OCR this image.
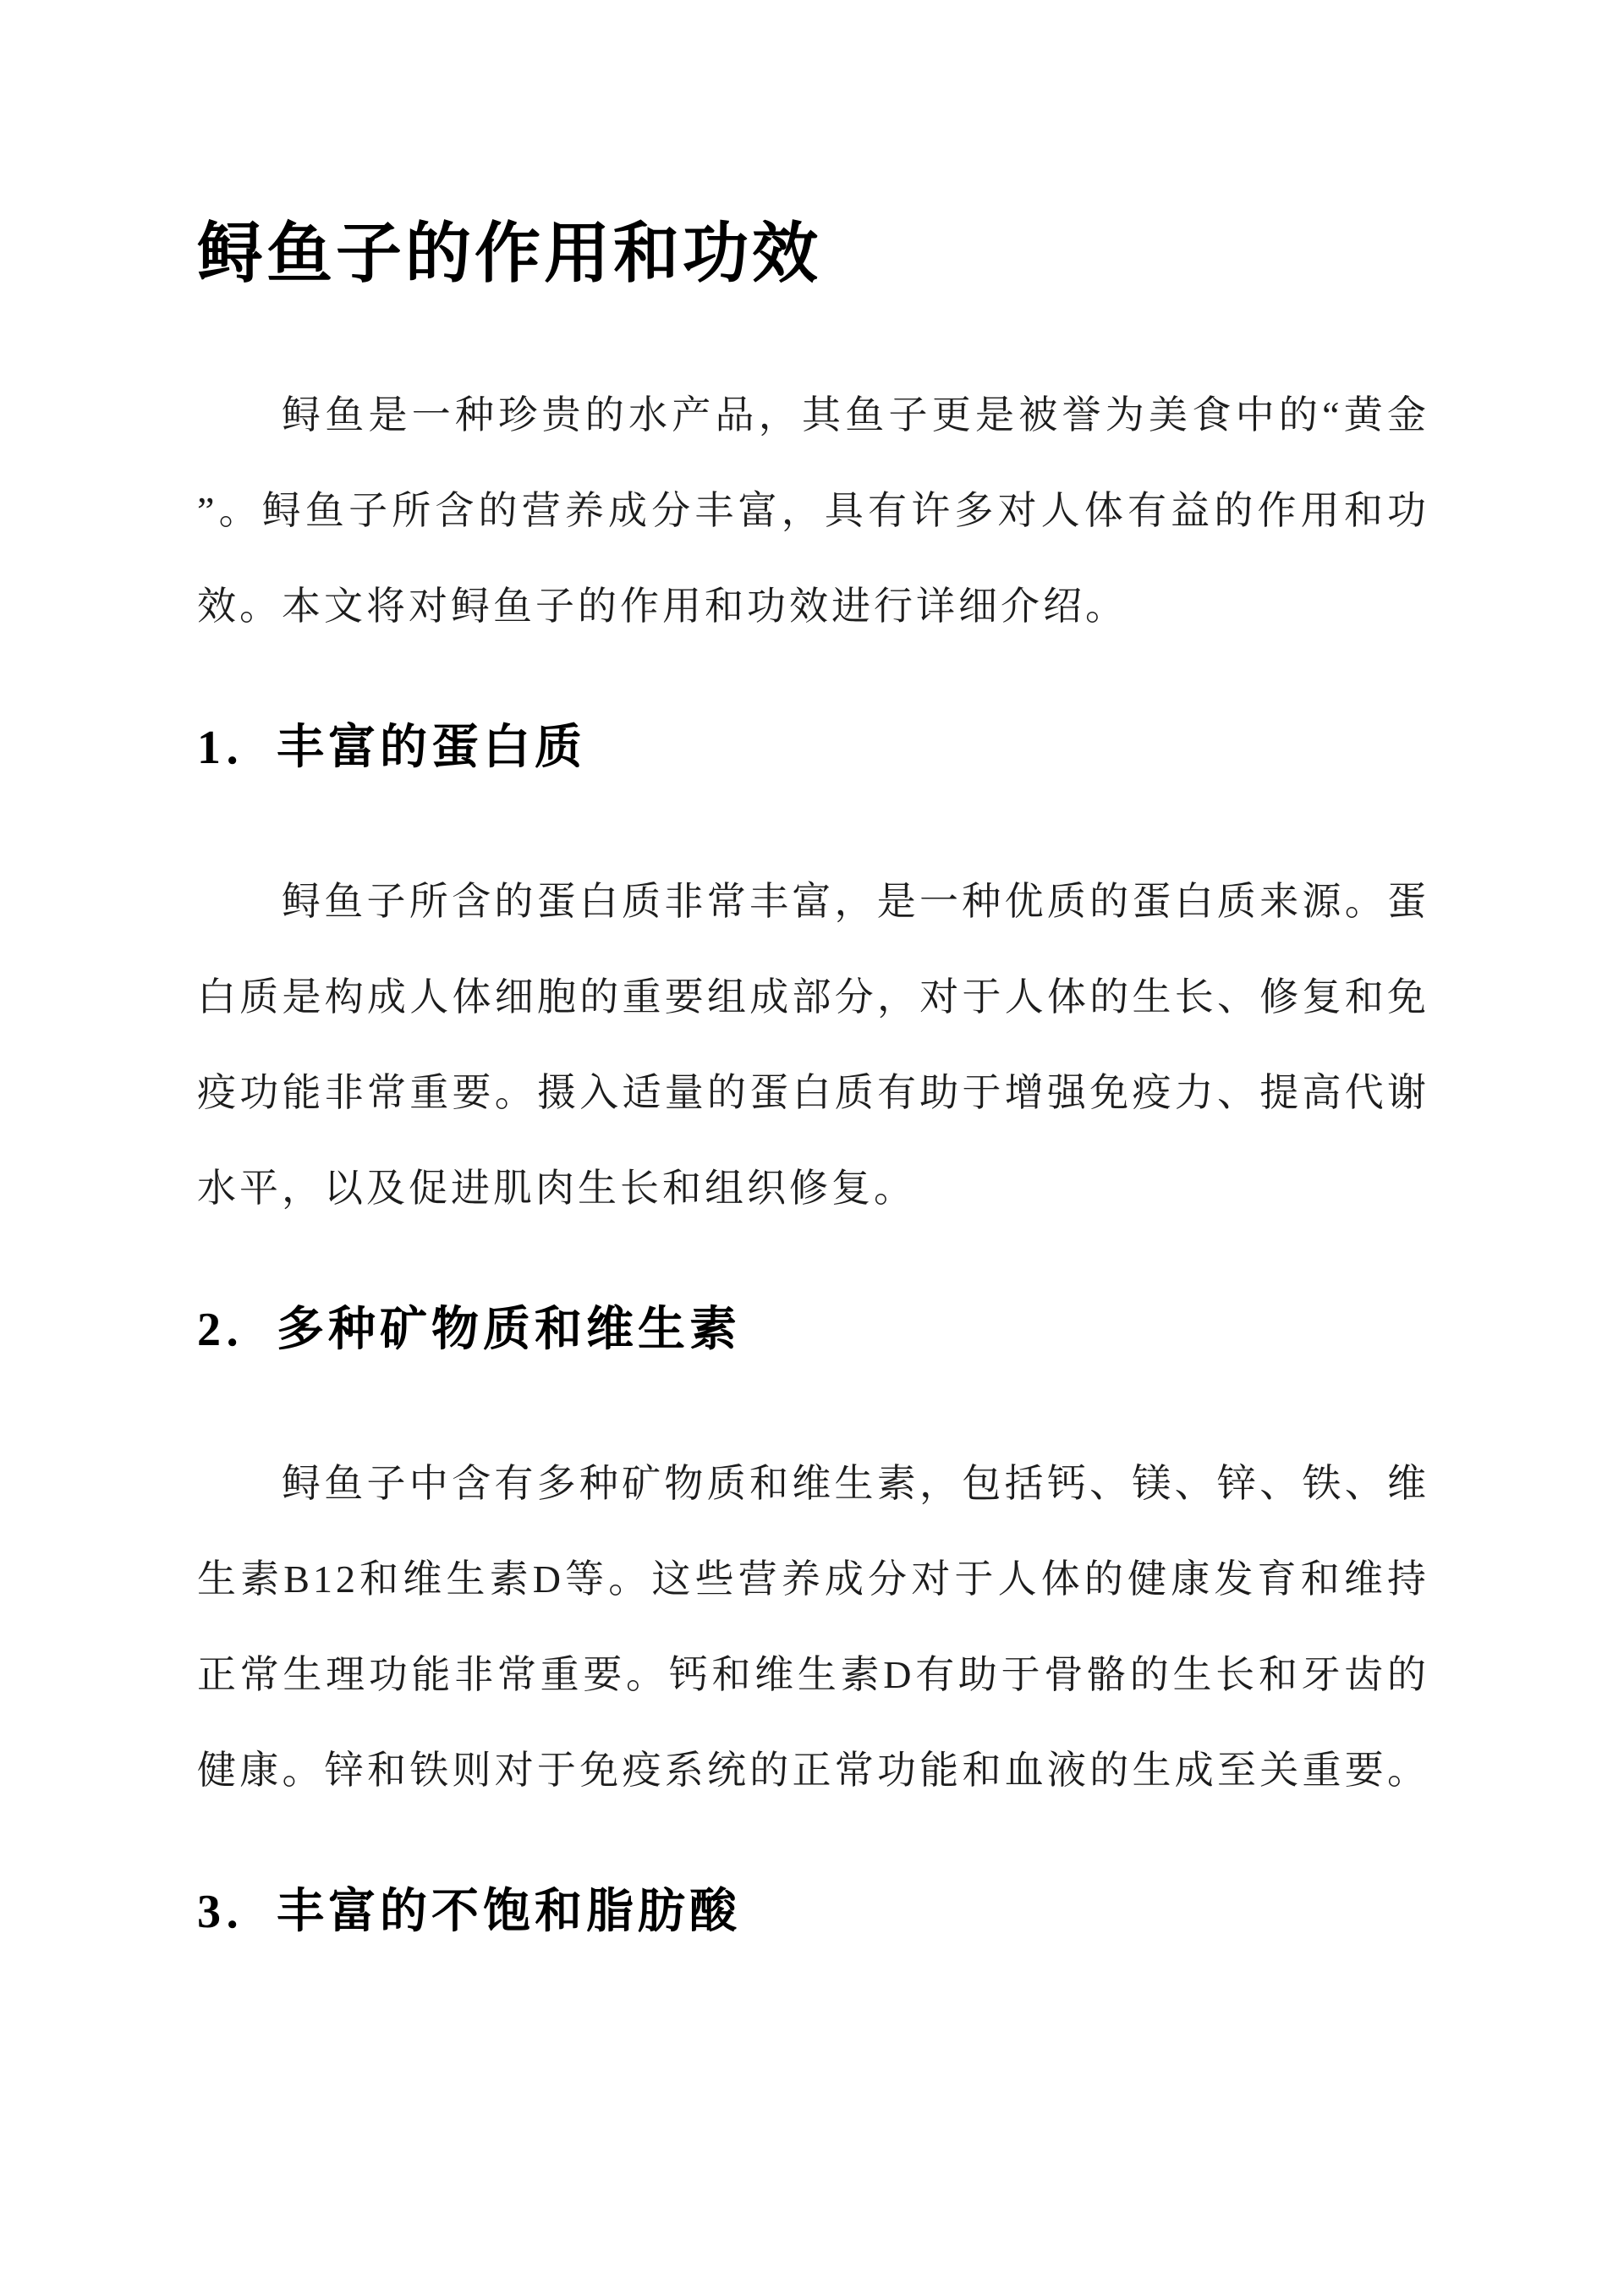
鲟鱼子的作用和功效
鲟鱼是一种珍贵的水产品，其鱼子更是被誉为美食中的“黄金
”。鲟鱼子所含的营养成分丰富，具有许多对人体有益的作用和功
效。本文将对鲟鱼子的作用和功效进行详细介绍。
1．丰富的蛋白质
鲟鱼子所含的蛋白质非常丰富，是一种优质的蛋白质来源。蛋
白质是构成人体细胞的重要组成部分，对于人体的生长、修复和免
疫功能非常重要。摄入适量的蛋白质有助于增强免疫力、提高代谢
水平，以及促进肌肉生长和组织修复。
2．多种矿物质和维生素
鲟鱼子中含有多种矿物质和维生素，包括钙、镁、锌、铁、维
生素B12和维生素D等。这些营养成分对于人体的健康发育和维持
正常生理功能非常重要。钙和维生素D有助于骨骼的生长和牙齿的
健康。锌和铁则对于免疫系统的正常功能和血液的生成至关重要。
3．丰富的不饱和脂肪酸
